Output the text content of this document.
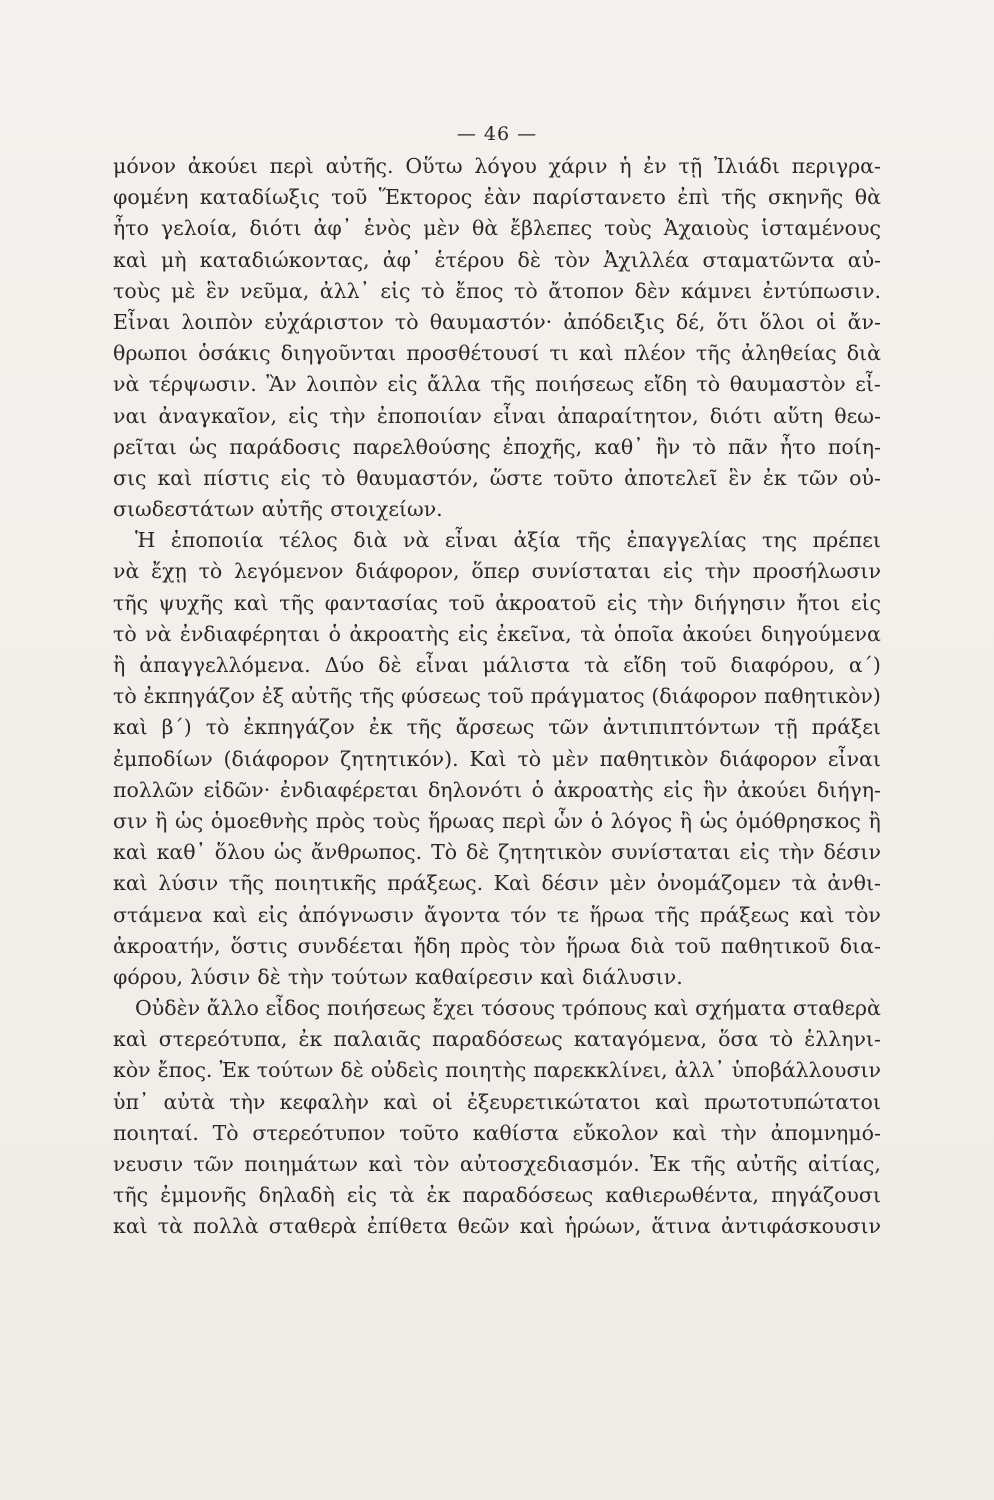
— 46 —
μόνον ἀκούει περὶ αὐτῆς. Οὕτω λόγου χάριν ἡ ἐν τῇ Ἰλιάδι περιγρα-
φομένη καταδίωξις τοῦ Ἕκτορος ἐὰν παρίστανετο ἐπὶ τῆς σκηνῆς θὰ
ἦτο γελοία, διότι ἀφ᾽ ἑνὸς μὲν θὰ ἔβλεπες τοὺς Ἀχαιοὺς ἱσταμένους
καὶ μὴ καταδιώκοντας, ἀφ᾽ ἑτέρου δὲ τὸν Ἀχιλλέα σταματῶντα αὐ-
τοὺς μὲ ἓν νεῦμα, ἀλλ᾽ εἰς τὸ ἔπος τὸ ἄτοπον δὲν κάμνει ἐντύπωσιν.
Εἶναι λοιπὸν εὐχάριστον τὸ θαυμαστόν· ἀπόδειξις δέ, ὅτι ὅλοι οἱ ἄν-
θρωποι ὁσάκις διηγοῦνται προσθέτουσί τι καὶ πλέον τῆς ἀληθείας διὰ
νὰ τέρψωσιν. Ἂν λοιπὸν εἰς ἄλλα τῆς ποιήσεως εἴδη τὸ θαυμαστὸν εἶ-
ναι ἀναγκαῖον, εἰς τὴν ἐποποιίαν εἶναι ἀπαραίτητον, διότι αὕτη θεω-
ρεῖται ὡς παράδοσις παρελθούσης ἐποχῆς, καθ᾽ ἣν τὸ πᾶν ἦτο ποίη-
σις καὶ πίστις εἰς τὸ θαυμαστόν, ὥστε τοῦτο ἀποτελεῖ ἓν ἐκ τῶν οὐ-
σιωδεστάτων αὐτῆς στοιχείων.
Ἡ ἐποποιία τέλος διὰ νὰ εἶναι ἀξία τῆς ἐπαγγελίας της πρέπει
νὰ ἔχῃ τὸ λεγόμενον διάφορον, ὅπερ συνίσταται εἰς τὴν προσήλωσιν
τῆς ψυχῆς καὶ τῆς φαντασίας τοῦ ἀκροατοῦ εἰς τὴν διήγησιν ἤτοι εἰς
τὸ νὰ ἐνδιαφέρηται ὁ ἀκροατὴς εἰς ἐκεῖνα, τὰ ὁποῖα ἀκούει διηγούμενα
ἢ ἀπαγγελλόμενα. Δύο δὲ εἶναι μάλιστα τὰ εἴδη τοῦ διαφόρου, α΄)
τὸ ἐκπηγάζον ἐξ αὐτῆς τῆς φύσεως τοῦ πράγματος (διάφορον παθητικὸν)
καὶ β΄) τὸ ἐκπηγάζον ἐκ τῆς ἄρσεως τῶν ἀντιπιπτόντων τῇ πράξει
ἐμποδίων (διάφορον ζητητικόν). Καὶ τὸ μὲν παθητικὸν διάφορον εἶναι
πολλῶν εἰδῶν· ἐνδιαφέρεται δηλονότι ὁ ἀκροατὴς εἰς ἣν ἀκούει διήγη-
σιν ἢ ὡς ὁμοεθνὴς πρὸς τοὺς ἥρωας περὶ ὧν ὁ λόγος ἢ ὡς ὁμόθρησκος ἢ
καὶ καθ᾽ ὅλου ὡς ἄνθρωπος. Τὸ δὲ ζητητικὸν συνίσταται εἰς τὴν δέσιν
καὶ λύσιν τῆς ποιητικῆς πράξεως. Καὶ δέσιν μὲν ὀνομάζομεν τὰ ἀνθι-
στάμενα καὶ εἰς ἀπόγνωσιν ἄγοντα τόν τε ἥρωα τῆς πράξεως καὶ τὸν
ἀκροατήν, ὅστις συνδέεται ἤδη πρὸς τὸν ἥρωα διὰ τοῦ παθητικοῦ δια-
φόρου, λύσιν δὲ τὴν τούτων καθαίρεσιν καὶ διάλυσιν.
Οὐδὲν ἄλλο εἶδος ποιήσεως ἔχει τόσους τρόπους καὶ σχήματα σταθερὰ
καὶ στερεότυπα, ἐκ παλαιᾶς παραδόσεως καταγόμενα, ὅσα τὸ ἑλληνι-
κὸν ἔπος. Ἐκ τούτων δὲ οὐδεὶς ποιητὴς παρεκκλίνει, ἀλλ᾽ ὑποβάλλουσιν
ὑπ᾽ αὐτὰ τὴν κεφαλὴν καὶ οἱ ἐξευρετικώτατοι καὶ πρωτοτυπώτατοι
ποιηταί. Τὸ στερεότυπον τοῦτο καθίστα εὔκολον καὶ τὴν ἀπομνημό-
νευσιν τῶν ποιημάτων καὶ τὸν αὐτοσχεδιασμόν. Ἐκ τῆς αὐτῆς αἰτίας,
τῆς ἐμμονῆς δηλαδὴ εἰς τὰ ἐκ παραδόσεως καθιερωθέντα, πηγάζουσι
καὶ τὰ πολλὰ σταθερὰ ἐπίθετα θεῶν καὶ ἡρώων, ἅτινα ἀντιφάσκουσιν
